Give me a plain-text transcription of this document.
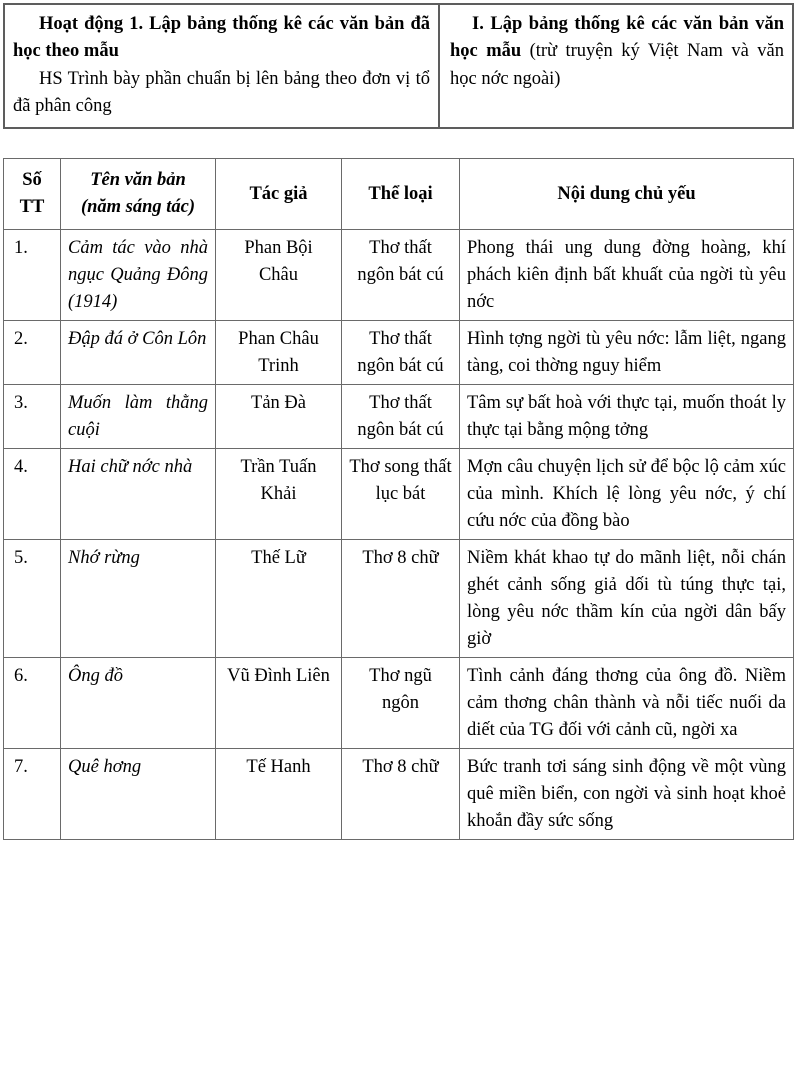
Hoạt động 1. Lập bảng thống kê các văn bản đã học theo mẫu

HS Trình bày phần chuẩn bị lên bảng theo đơn vị tổ đã phân công

I. Lập bảng thống kê các văn bản văn học mẫu (trừ truyện ký Việt Nam và văn học nớc ngoài)

Số TT	Tên văn bản (năm sáng tác)	Tác giả	Thể loại	Nội dung chủ yếu
1.	Cảm tác vào nhà ngục Quảng Đông (1914)	Phan Bội Châu	Thơ thất ngôn bát cú	Phong thái ung dung đờng hoàng, khí phách kiên định bất khuất của ngời tù yêu nớc
2.	Đập đá ở Côn Lôn	Phan Châu Trinh	Thơ thất ngôn bát cú	Hình tợng ngời tù yêu nớc: lẫm liệt, ngang tàng, coi thờng nguy hiểm
3.	Muốn làm thằng cuội	Tản Đà	Thơ thất ngôn bát cú	Tâm sự bất hoà với thực tại, muốn thoát ly thực tại bằng mộng tởng
4.	Hai chữ nớc nhà	Trần Tuấn Khải	Thơ song thất lục bát	Mợn câu chuyện lịch sử để bộc lộ cảm xúc của mình. Khích lệ lòng yêu nớc, ý chí cứu nớc của đồng bào
5.	Nhớ rừng	Thế Lữ	Thơ 8 chữ	Niềm khát khao tự do mãnh liệt, nỗi chán ghét cảnh sống giả dối tù túng thực tại, lòng yêu nớc thầm kín của ngời dân bấy giờ
6.	Ông đồ	Vũ Đình Liên	Thơ ngũ ngôn	Tình cảnh đáng thơng của ông đồ. Niềm cảm thơng chân thành và nỗi tiếc nuối da diết của TG đối với cảnh cũ, ngời xa
7.	Quê hơng	Tế Hanh	Thơ 8 chữ	Bức tranh tơi sáng sinh động về một vùng quê miền biển, con ngời và sinh hoạt khoẻ khoắn đầy sức sống
